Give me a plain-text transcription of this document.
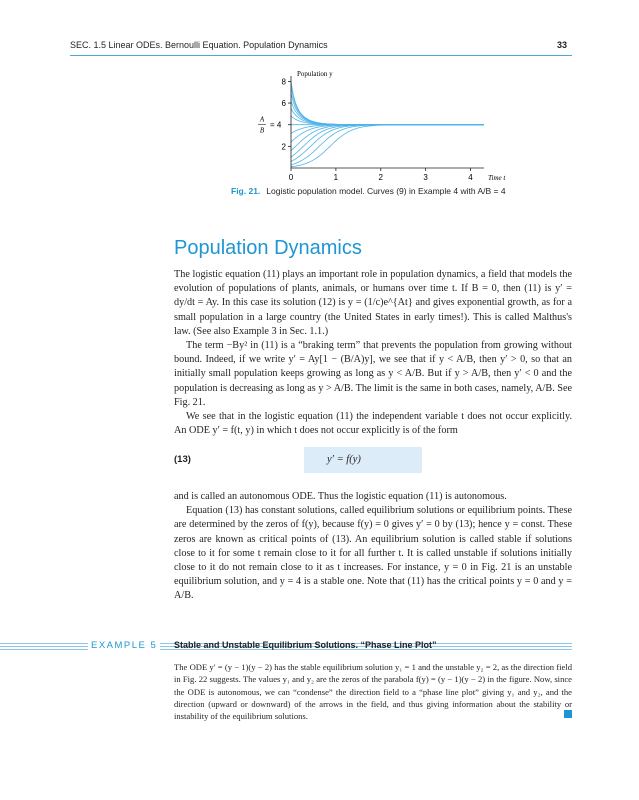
SEC. 1.5 Linear ODEs. Bernoulli Equation. Population Dynamics	33
2
6
8
0	1	2	3	4
Population y
Time t
A
B
= 4
Fig. 21. Logistic population model. Curves (9) in Example 4 with A/B = 4
Population Dynamics

The logistic equation (11) plays an important role in population dynamics, a field that models the evolution of populations of plants, animals, or humans over time t. If B = 0, then (11) is y′ = dy/dt = Ay. In this case its solution (12) is y = (1/c)e^{At} and gives exponential growth, as for a small population in a large country (the United States in early times!). This is called Malthus's law. (See also Example 3 in Sec. 1.1.)

The term −By² in (11) is a “braking term” that prevents the population from growing without bound. Indeed, if we write y′ = Ay[1 − (B/A)y], we see that if y < A/B, then y′ > 0, so that an initially small population keeps growing as long as y < A/B. But if y > A/B, then y′ < 0 and the population is decreasing as long as y > A/B. The limit is the same in both cases, namely, A/B. See Fig. 21.

We see that in the logistic equation (11) the independent variable t does not occur explicitly. An ODE y′ = f(t, y) in which t does not occur explicitly is of the form

(13)	y′ = f(y)

and is called an autonomous ODE. Thus the logistic equation (11) is autonomous.

Equation (13) has constant solutions, called equilibrium solutions or equilibrium points. These are determined by the zeros of f(y), because f(y) = 0 gives y′ = 0 by (13); hence y = const. These zeros are known as critical points of (13). An equilibrium solution is called stable if solutions close to it for some t remain close to it for all further t. It is called unstable if solutions initially close to it do not remain close to it as t increases. For instance, y = 0 in Fig. 21 is an unstable equilibrium solution, and y = 4 is a stable one. Note that (11) has the critical points y = 0 and y = A/B.

EXAMPLE 5	Stable and Unstable Equilibrium Solutions. “Phase Line Plot”
The ODE y′ = (y − 1)(y − 2) has the stable equilibrium solution y₁ = 1 and the unstable y₂ = 2, as the direction field in Fig. 22 suggests. The values y₁ and y₂ are the zeros of the parabola f(y) = (y − 1)(y − 2) in the figure. Now, since the ODE is autonomous, we can “condense” the direction field to a “phase line plot” giving y₁ and y₂, and the direction (upward or downward) of the arrows in the field, and thus giving information about the stability or instability of the equilibrium solutions.
